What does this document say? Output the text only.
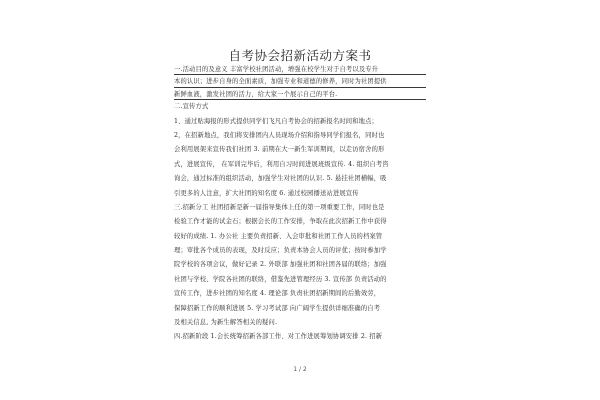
自考协会招新活动方案书
一.活动目的及意义 丰富学校社团活动，增强在校学生对于自考以及专升
本的认识；进步自身的全面素质，加强专业和道德的修养，同时为社团提供
新鲜血液，激发社团的活力，给大家一个展示自己的平台.
二.宣传方式
1、通过贴海报的形式提供同学们飞凡自考协会的招新报名时间和地点；
2，在招新地点，我们将安排团内人员现场介绍和指导同学们报名，同时也
会利用展架来宣传我们社团 3. 前期在大一新生军训期间，以走访宿舍的形
式，进展宣传， 在军训完毕后，利用自习时间进展班级宣传. 4. 组织自考咨
询会，通过标准的组织活动，加强学生对社团的认识. 5. 悬挂社团横幅，吸
引更多的人注意，扩大社团的知名度 6. 通过校园播送站进展宣传
三.招新分工 社团招新是新一届指导集体上任的第一项重要工作，同时也是
检验工作才能的试金石；根据会长的工作安排，争取在此次招新工作中获得
较好的成绩. 1. 办公社 主要负责招新、入会审批和社团工作人员的档案管
理；审批各个成员的表现，及时反应；负责本协会人员的评优；按时参加学
院学校的各项会议，做好记录 2. 外联部 加强社团和社团各届的联络；加强
社团与学校、学院各社团的联络，借鉴先进管理经历 3. 宣传部 负责活动的
宣传工作，进步社团的知名度 4. 理论部 负责社团招新期间的后勤效劳，
保障招新工作的顺利进展 5. 学习考试部 向广阔学生提供详细准确的自考
及相关信息, 为新生解答相关的疑问.
四.招新阶段 1.会长统筹招新各部工作、对工作进展筹划协调安排 2. 招新
1 / 2
